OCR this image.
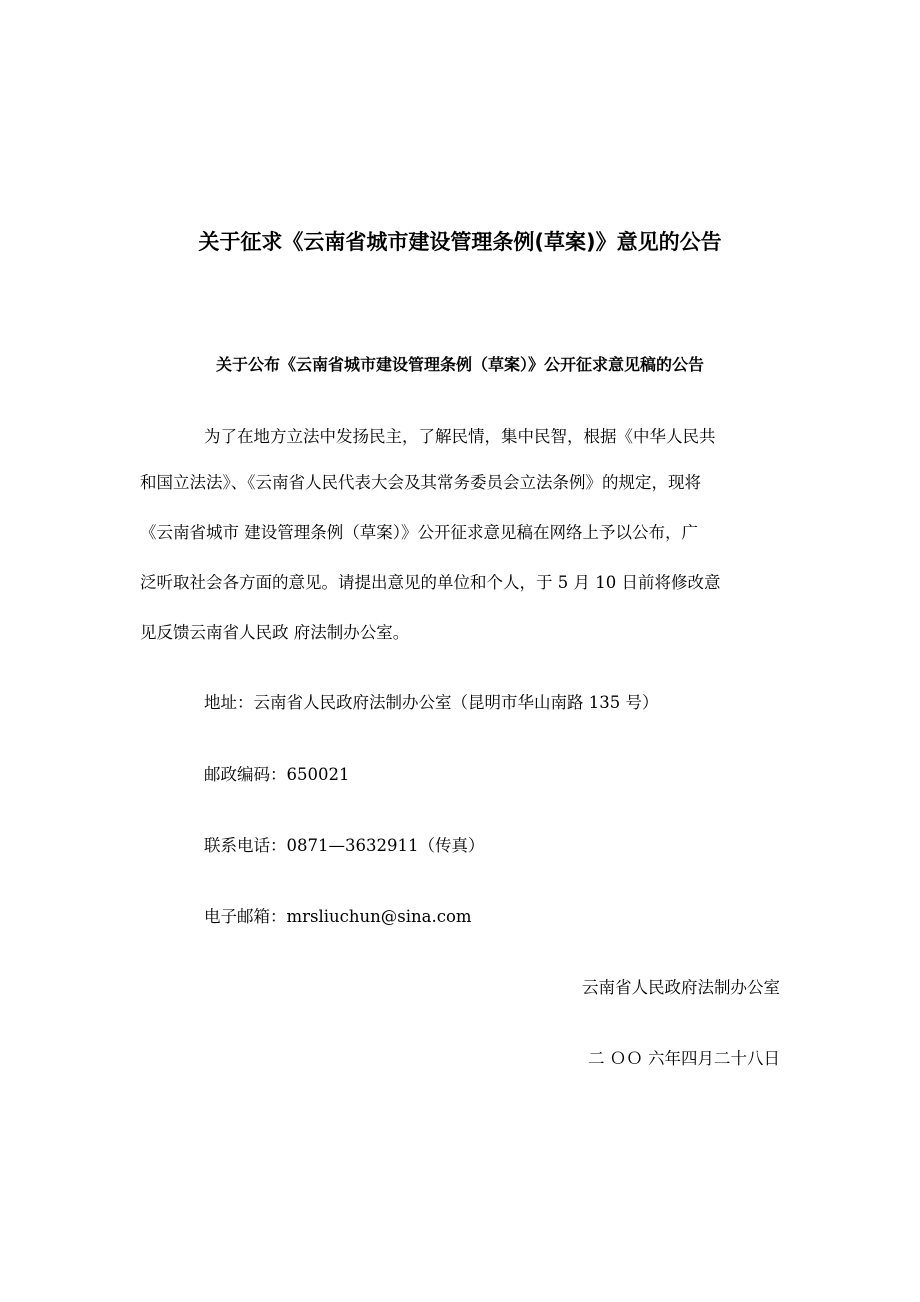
关于征求《云南省城市建设管理条例(草案)》意见的公告
关于公布《云南省城市建设管理条例（草案）》公开征求意见稿的公告
为了在地方立法中发扬民主，了解民情，集中民智，根据《中华人民共
和国立法法》、《云南省人民代表大会及其常务委员会立法条例》的规定，现将
《云南省城市 建设管理条例（草案）》公开征求意见稿在网络上予以公布，广
泛听取社会各方面的意见。请提出意见的单位和个人，于 5 月 10 日前将修改意
见反馈云南省人民政 府法制办公室。
地址：云南省人民政府法制办公室（昆明市华山南路 135 号）
邮政编码：650021
联系电话：0871—3632911（传真）
电子邮箱：mrsliuchun@sina.com
云南省人民政府法制办公室
二 ＯＯ 六年四月二十八日
